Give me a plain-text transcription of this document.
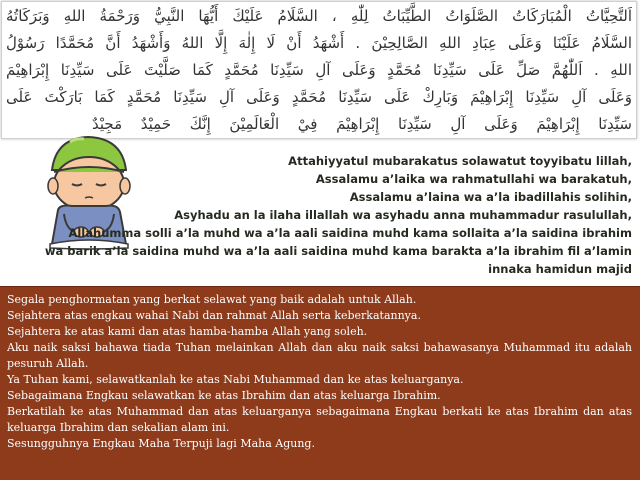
اَلتَّحِيَّاتُ الْمُبَارَكَاتُ الصَّلَوَاتُ الطَّيِّبَاتُ لِلّٰهِ ، السَّلَامُ عَلَيْكَ أَيُّهَا النَّبِيُّ وَرَحْمَةُ اللهِ وَبَرَكَاتُهُ
السَّلَامُ عَلَيْنَا وَعَلَى عِبَادِ اللهِ الصَّالِحِيْنَ . أَشْهَدُ أَنْ لَا إِلٰهَ إِلَّا اللهُ وَأَشْهَدُ أَنَّ مُحَمَّدًا رَسُوْلُ
اللهِ . اَللّٰهُمَّ صَلِّ عَلَى سَيِّدِنَا مُحَمَّدٍ وَعَلَى آلِ سَيِّدِنَا مُحَمَّدٍ كَمَا صَلَّيْتَ عَلَى سَيِّدِنَا إِبْرَاهِيْمَ
وَعَلَى آلِ سَيِّدِنَا إِبْرَاهِيْمَ وَبَارِكْ عَلَى سَيِّدِنَا مُحَمَّدٍ وَعَلَى آلِ سَيِّدِنَا مُحَمَّدٍ كَمَا بَارَكْتَ عَلَى
سَيِّدِنَا إِبْرَاهِيْمَ وَعَلَى آلِ سَيِّدِنَا إِبْرَاهِيْمَ فِيْ الْعَالَمِيْنَ إِنَّكَ حَمِيْدٌ مَجِيْدٌ
Attahiyyatul mubarakatus solawatut toyyibatu lillah,
Assalamu a’laika wa rahmatullahi wa barakatuh,
Assalamu a’laina wa a’la ibadillahis solihin,
Asyhadu an la ilaha illallah wa asyhadu anna muhammadur rasulullah,
Allahumma solli a’la muhd wa a’la aali saidina muhd kama sollaita a’la saidina ibrahim
wa barik a’la saidina muhd wa a’la aali saidina muhd kama barakta a’la ibrahim fil a’lamin
innaka hamidun majid
Segala penghormatan yang berkat selawat yang baik adalah untuk Allah.
Sejahtera atas engkau wahai Nabi dan rahmat Allah serta keberkatannya.
Sejahtera ke atas kami dan atas hamba-hamba Allah yang soleh.
Aku naik saksi bahawa tiada Tuhan melainkan Allah dan aku naik saksi bahawasanya Muhammad itu adalah pesuruh Allah.
Ya Tuhan kami, selawatkanlah ke atas Nabi Muhammad dan ke atas keluarganya.
Sebagaimana Engkau selawatkan ke atas Ibrahim dan atas keluarga Ibrahim.
Berkatilah ke atas Muhammad dan atas keluarganya sebagaimana Engkau berkati ke atas Ibrahim dan atas keluarga Ibrahim dan sekalian alam ini.
Sesungguhnya Engkau Maha Terpuji lagi Maha Agung.
